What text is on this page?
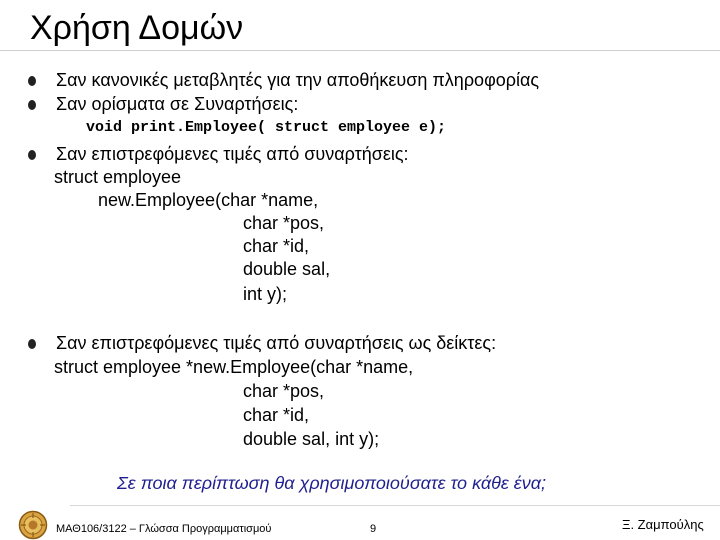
Χρήση Δομών
Σαν κανονικές μεταβλητές για την αποθήκευση πληροφορίας
Σαν ορίσματα σε Συναρτήσεις:
void print.Employee( struct employee e);
Σαν επιστρεφόμενες τιμές από συναρτήσεις:
struct employee
new.Employee(char *name,
char *pos,
char *id,
double sal,
int y);
Σαν επιστρεφόμενες τιμές από συναρτήσεις ως δείκτες:
struct employee *new.Employee(char *name,
char *pos,
char *id,
double sal, int y);
Σε ποια περίπτωση θα χρησιμοποιούσατε το κάθε ένα;
ΜΑΘ106/3122 – Γλώσσα Προγραμματισμού	9	Ξ. Ζαμπούλης
